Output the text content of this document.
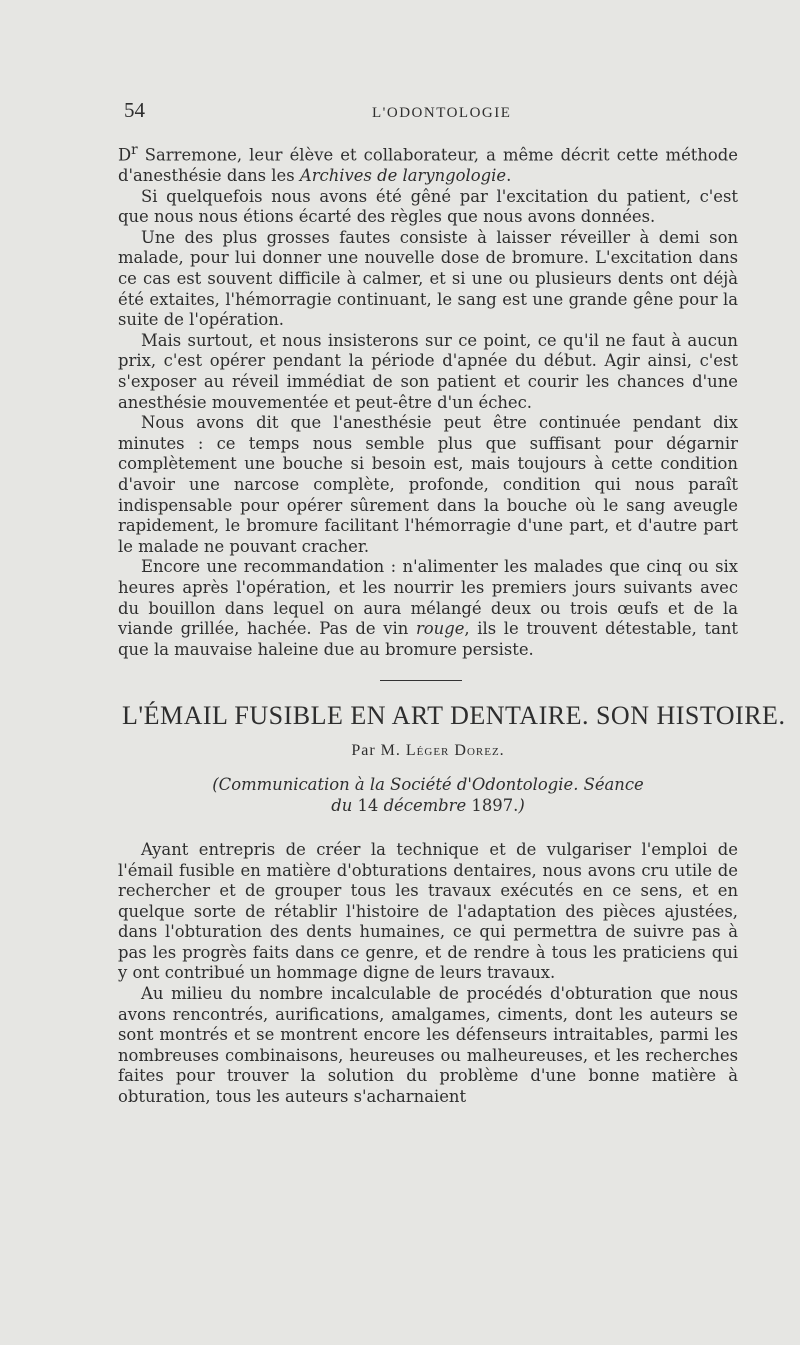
54	L'ODONTOLOGIE

$D^r$ Sarremone, leur élève et collaborateur, a même décrit cette méthode d'anesthésie dans les Archives de laryngologie.

Si quelquefois nous avons été gêné par l'excitation du patient, c'est que nous nous étions écarté des règles que nous avons données.

Une des plus grosses fautes consiste à laisser réveiller à demi son malade, pour lui donner une nouvelle dose de bromure. L'excitation dans ce cas est souvent difficile à calmer, et si une ou plusieurs dents ont déjà été extaites, l'hémorragie continuant, le sang est une grande gêne pour la suite de l'opération.

Mais surtout, et nous insisterons sur ce point, ce qu'il ne faut à aucun prix, c'est opérer pendant la période d'apnée du début. Agir ainsi, c'est s'exposer au réveil immédiat de son patient et courir les chances d'une anesthésie mouvementée et peut-être d'un échec.

Nous avons dit que l'anesthésie peut être continuée pendant dix minutes : ce temps nous semble plus que suffisant pour dégarnir complètement une bouche si besoin est, mais toujours à cette condition d'avoir une narcose complète, profonde, condition qui nous paraît indispensable pour opérer sûrement dans la bouche où le sang aveugle rapidement, le bromure facilitant l'hémorragie d'une part, et d'autre part le malade ne pouvant cracher.

Encore une recommandation : n'alimenter les malades que cinq ou six heures après l'opération, et les nourrir les premiers jours suivants avec du bouillon dans lequel on aura mélangé deux ou trois œufs et de la viande grillée, hachée. Pas de vin rouge, ils le trouvent détestable, tant que la mauvaise haleine due au bromure persiste.

L'ÉMAIL FUSIBLE EN ART DENTAIRE. SON HISTOIRE.
Par M. Léger Dorez.
(Communication à la Société d'Odontologie. Séance
du 14 décembre 1897.)

Ayant entrepris de créer la technique et de vulgariser l'emploi de l'émail fusible en matière d'obturations dentaires, nous avons cru utile de rechercher et de grouper tous les travaux exécutés en ce sens, et en quelque sorte de rétablir l'histoire de l'adaptation des pièces ajustées, dans l'obturation des dents humaines, ce qui permettra de suivre pas à pas les progrès faits dans ce genre, et de rendre à tous les praticiens qui y ont contribué un hommage digne de leurs travaux.

Au milieu du nombre incalculable de procédés d'obturation que nous avons rencontrés, aurifications, amalgames, ciments, dont les auteurs se sont montrés et se montrent encore les défenseurs intraitables, parmi les nombreuses combinaisons, heureuses ou malheureuses, et les recherches faites pour trouver la solution du problème d'une bonne matière à obturation, tous les auteurs s'acharnaient
